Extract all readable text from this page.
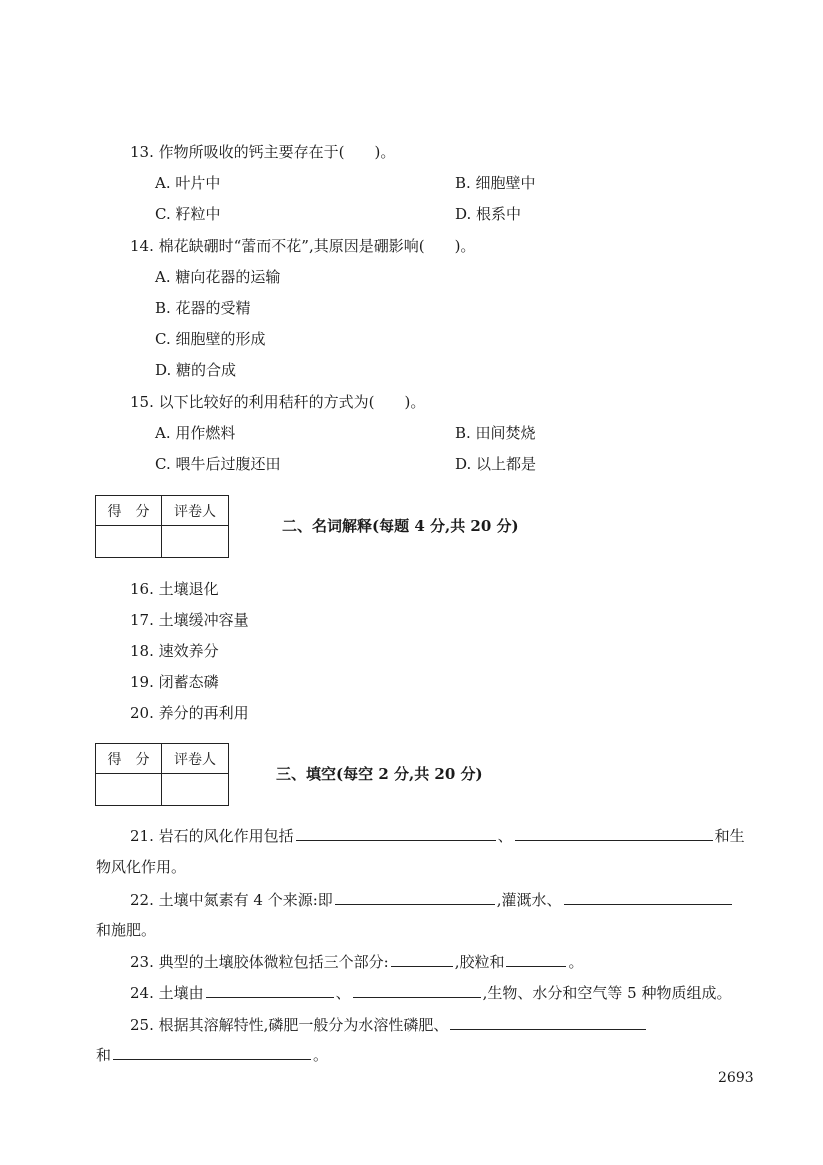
13. 作物所吸收的钙主要存在于(　　)。
A. 叶片中	B. 细胞壁中
C. 籽粒中	D. 根系中
14. 棉花缺硼时“蕾而不花”,其原因是硼影响(　　)。
A. 糖向花器的运输
B. 花器的受精
C. 细胞壁的形成
D. 糖的合成
15. 以下比较好的利用秸秆的方式为(　　)。
A. 用作燃料	B. 田间焚烧
C. 喂牛后过腹还田	D. 以上都是
得　分	评卷人

二、名词解释(每题 4 分,共 20 分)
16. 土壤退化
17. 土壤缓冲容量
18. 速效养分
19. 闭蓄态磷
20. 养分的再利用
得　分	评卷人

三、填空(每空 2 分,共 20 分)
21. 岩石的风化作用包括	、	和生
物风化作用。
22. 土壤中氮素有 4 个来源:即	,灌溉水、
和施肥。
23. 典型的土壤胶体微粒包括三个部分:	,胶粒和	。
24. 土壤由	、	,生物、水分和空气等 5 种物质组成。
25. 根据其溶解特性,磷肥一般分为水溶性磷肥、
和	。
2693
